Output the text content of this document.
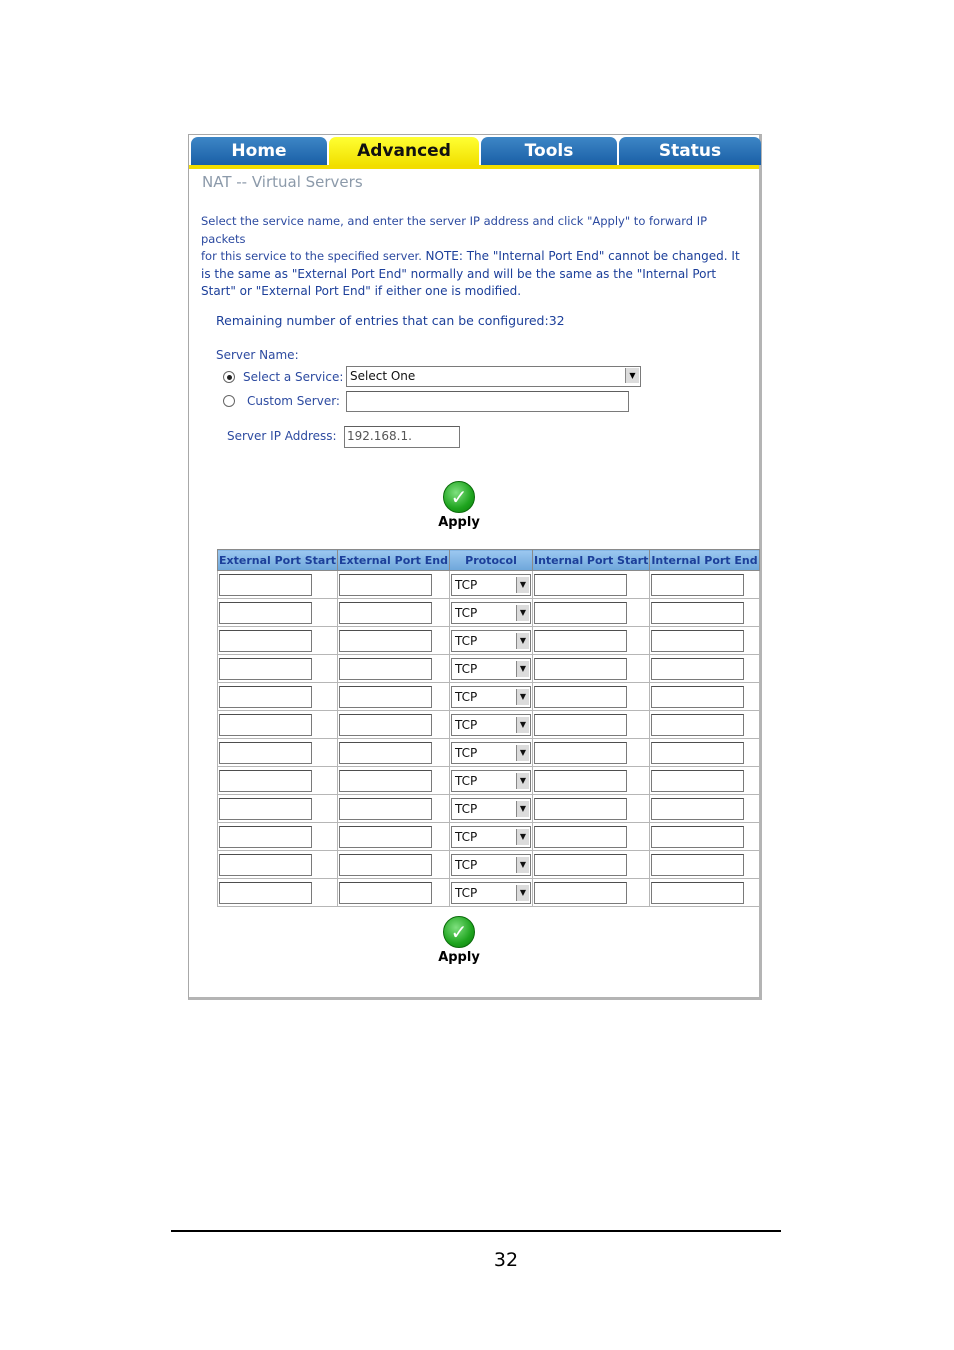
Home	Advanced	Tools	Status
NAT -- Virtual Servers
Select the service name, and enter the server IP address and click "Apply" to forward IP packets
for this service to the specified server. NOTE: The "Internal Port End" cannot be changed. It is the same as "External Port End" normally and will be the same as the "Internal Port Start" or "External Port End" if either one is modified.
Remaining number of entries that can be configured:32
Server Name:
Select a Service: Select One	▼
Custom Server:
Server IP Address: 192.168.1.
✓
Apply
External Port Start	External Port End	Protocol	Internal Port Start	Internal Port End

		TCP ▼		

		TCP ▼		

		TCP ▼		

		TCP ▼		

		TCP ▼		

		TCP ▼		

		TCP ▼		

		TCP ▼		

		TCP ▼		

		TCP ▼		

		TCP ▼		

		TCP ▼		

✓
Apply
32
